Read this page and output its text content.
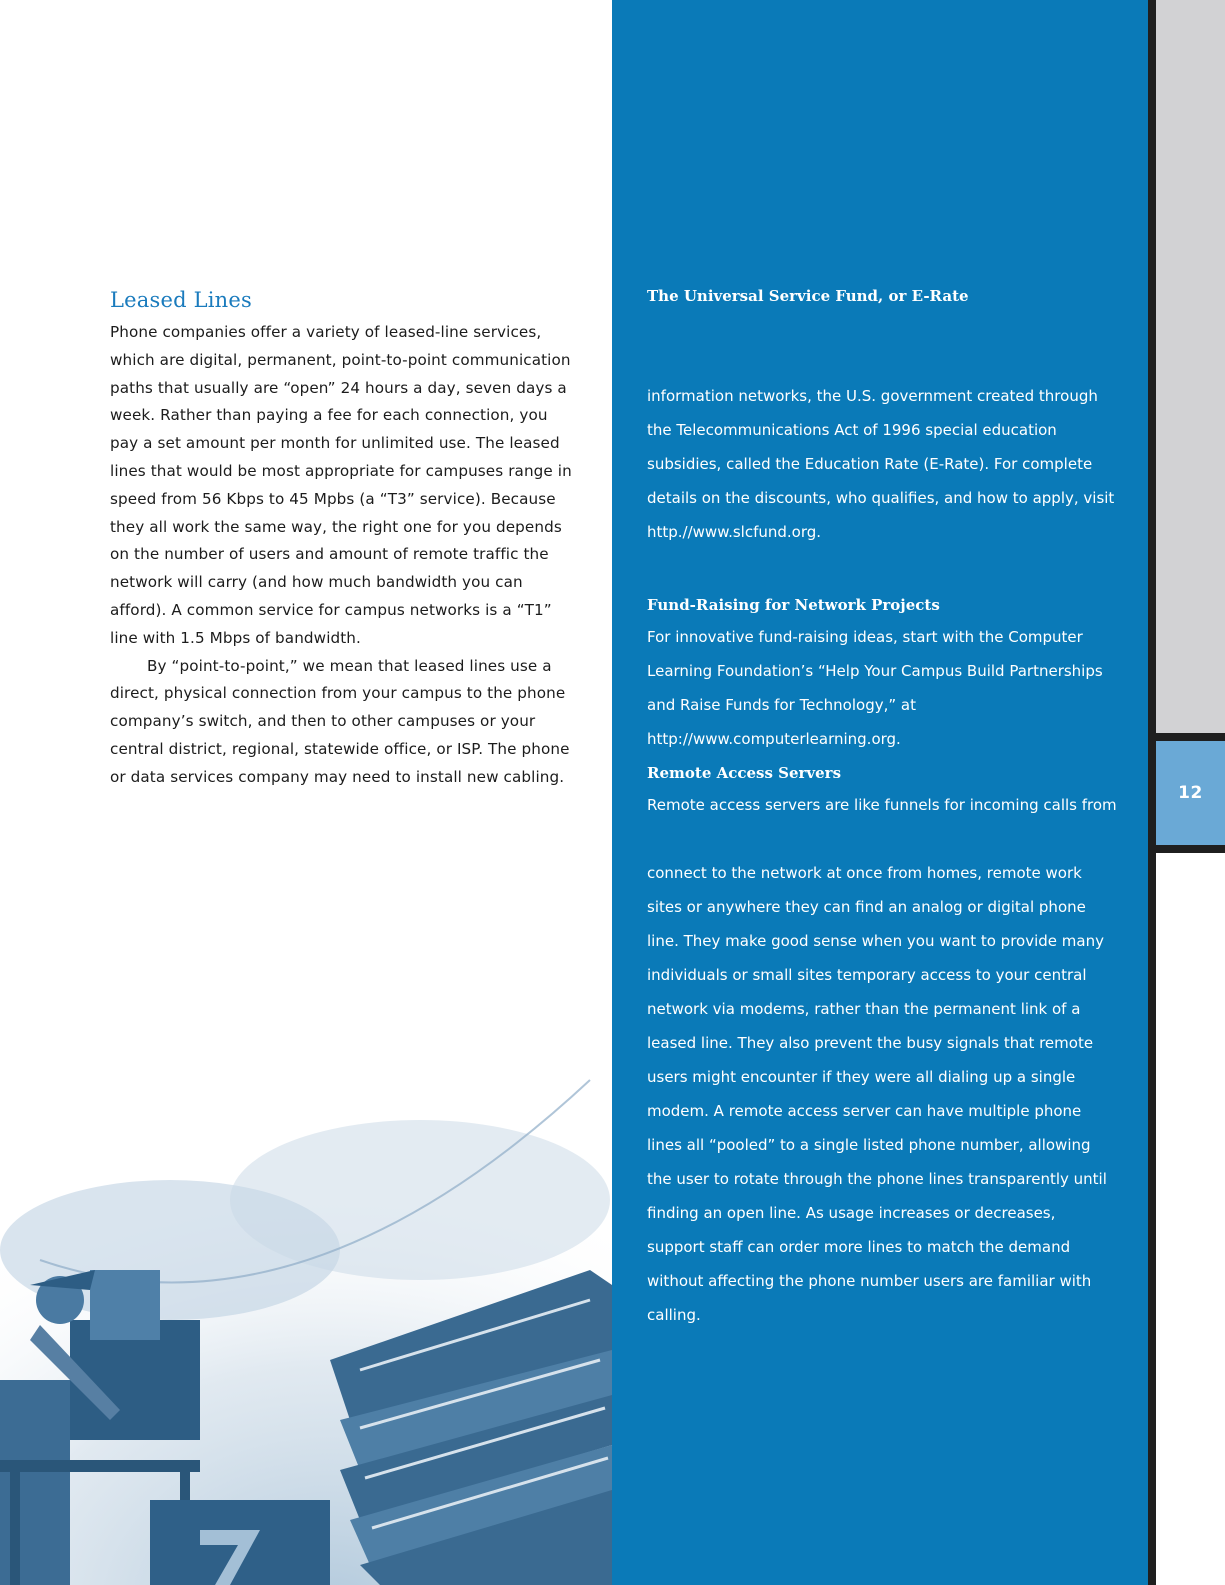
Leased Lines

Phone companies offer a variety of leased-line services, which are digital, permanent, point-to-point communication paths that usually are “open” 24 hours a day, seven days a week. Rather than paying a fee for each connection, you pay a set amount per month for unlimited use. The leased lines that would be most appropriate for campuses range in speed from 56 Kbps to 45 Mpbs (a “T3” service). Because they all work the same way, the right one for you depends on the number of users and amount of remote traffic the network will carry (and how much bandwidth you can afford). A common service for campus networks is a “T1” line with 1.5 Mbps of bandwidth.

By “point-to-point,” we mean that leased lines use a direct, physical connection from your campus to the phone company’s switch, and then to other campuses or your central district, regional, statewide office, or ISP. The phone or data services company may need to install new cabling.

12
The Universal Service Fund, or E-Rate

information networks, the U.S. government created through the Telecommunications Act of 1996 special education subsidies, called the Education Rate (E-Rate). For complete details on the discounts, who qualifies, and how to apply, visit http.//www.slcfund.org.

Fund-Raising for Network Projects

For innovative fund-raising ideas, start with the Computer Learning Foundation’s “Help Your Campus Build Partnerships and Raise Funds for Technology,” at http://www.computerlearning.org.

Remote Access Servers

Remote access servers are like funnels for incoming calls from

connect to the network at once from homes, remote work sites or anywhere they can find an analog or digital phone line. They make good sense when you want to provide many individuals or small sites temporary access to your central network via modems, rather than the permanent link of a leased line. They also prevent the busy signals that remote users might encounter if they were all dialing up a single modem. A remote access server can have multiple phone lines all “pooled” to a single listed phone number, allowing the user to rotate through the phone lines transparently until finding an open line. As usage increases or decreases, support staff can order more lines to match the demand without affecting the phone number users are familiar with calling.
